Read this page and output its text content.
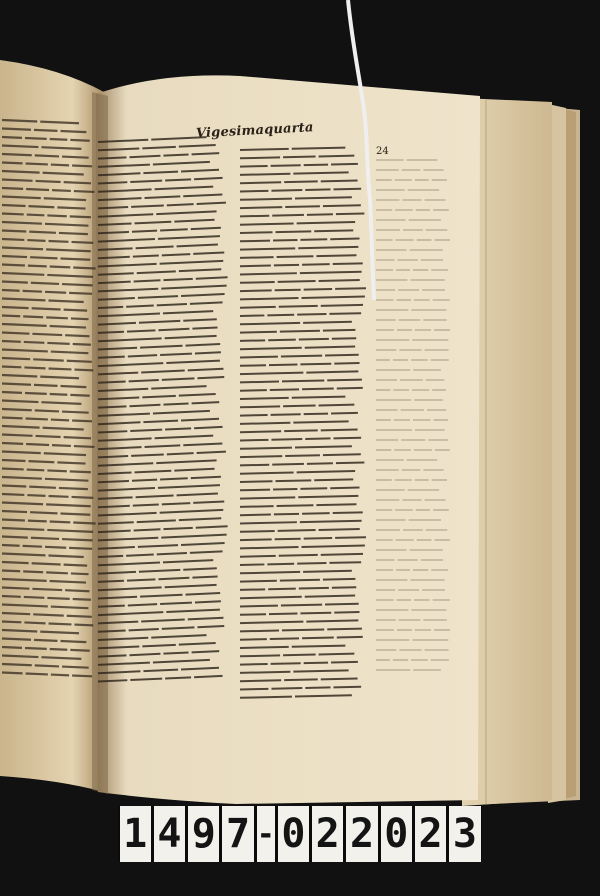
Vigesimaquarta
24
1 4 9 7 - 0 2 2 0 2 3
